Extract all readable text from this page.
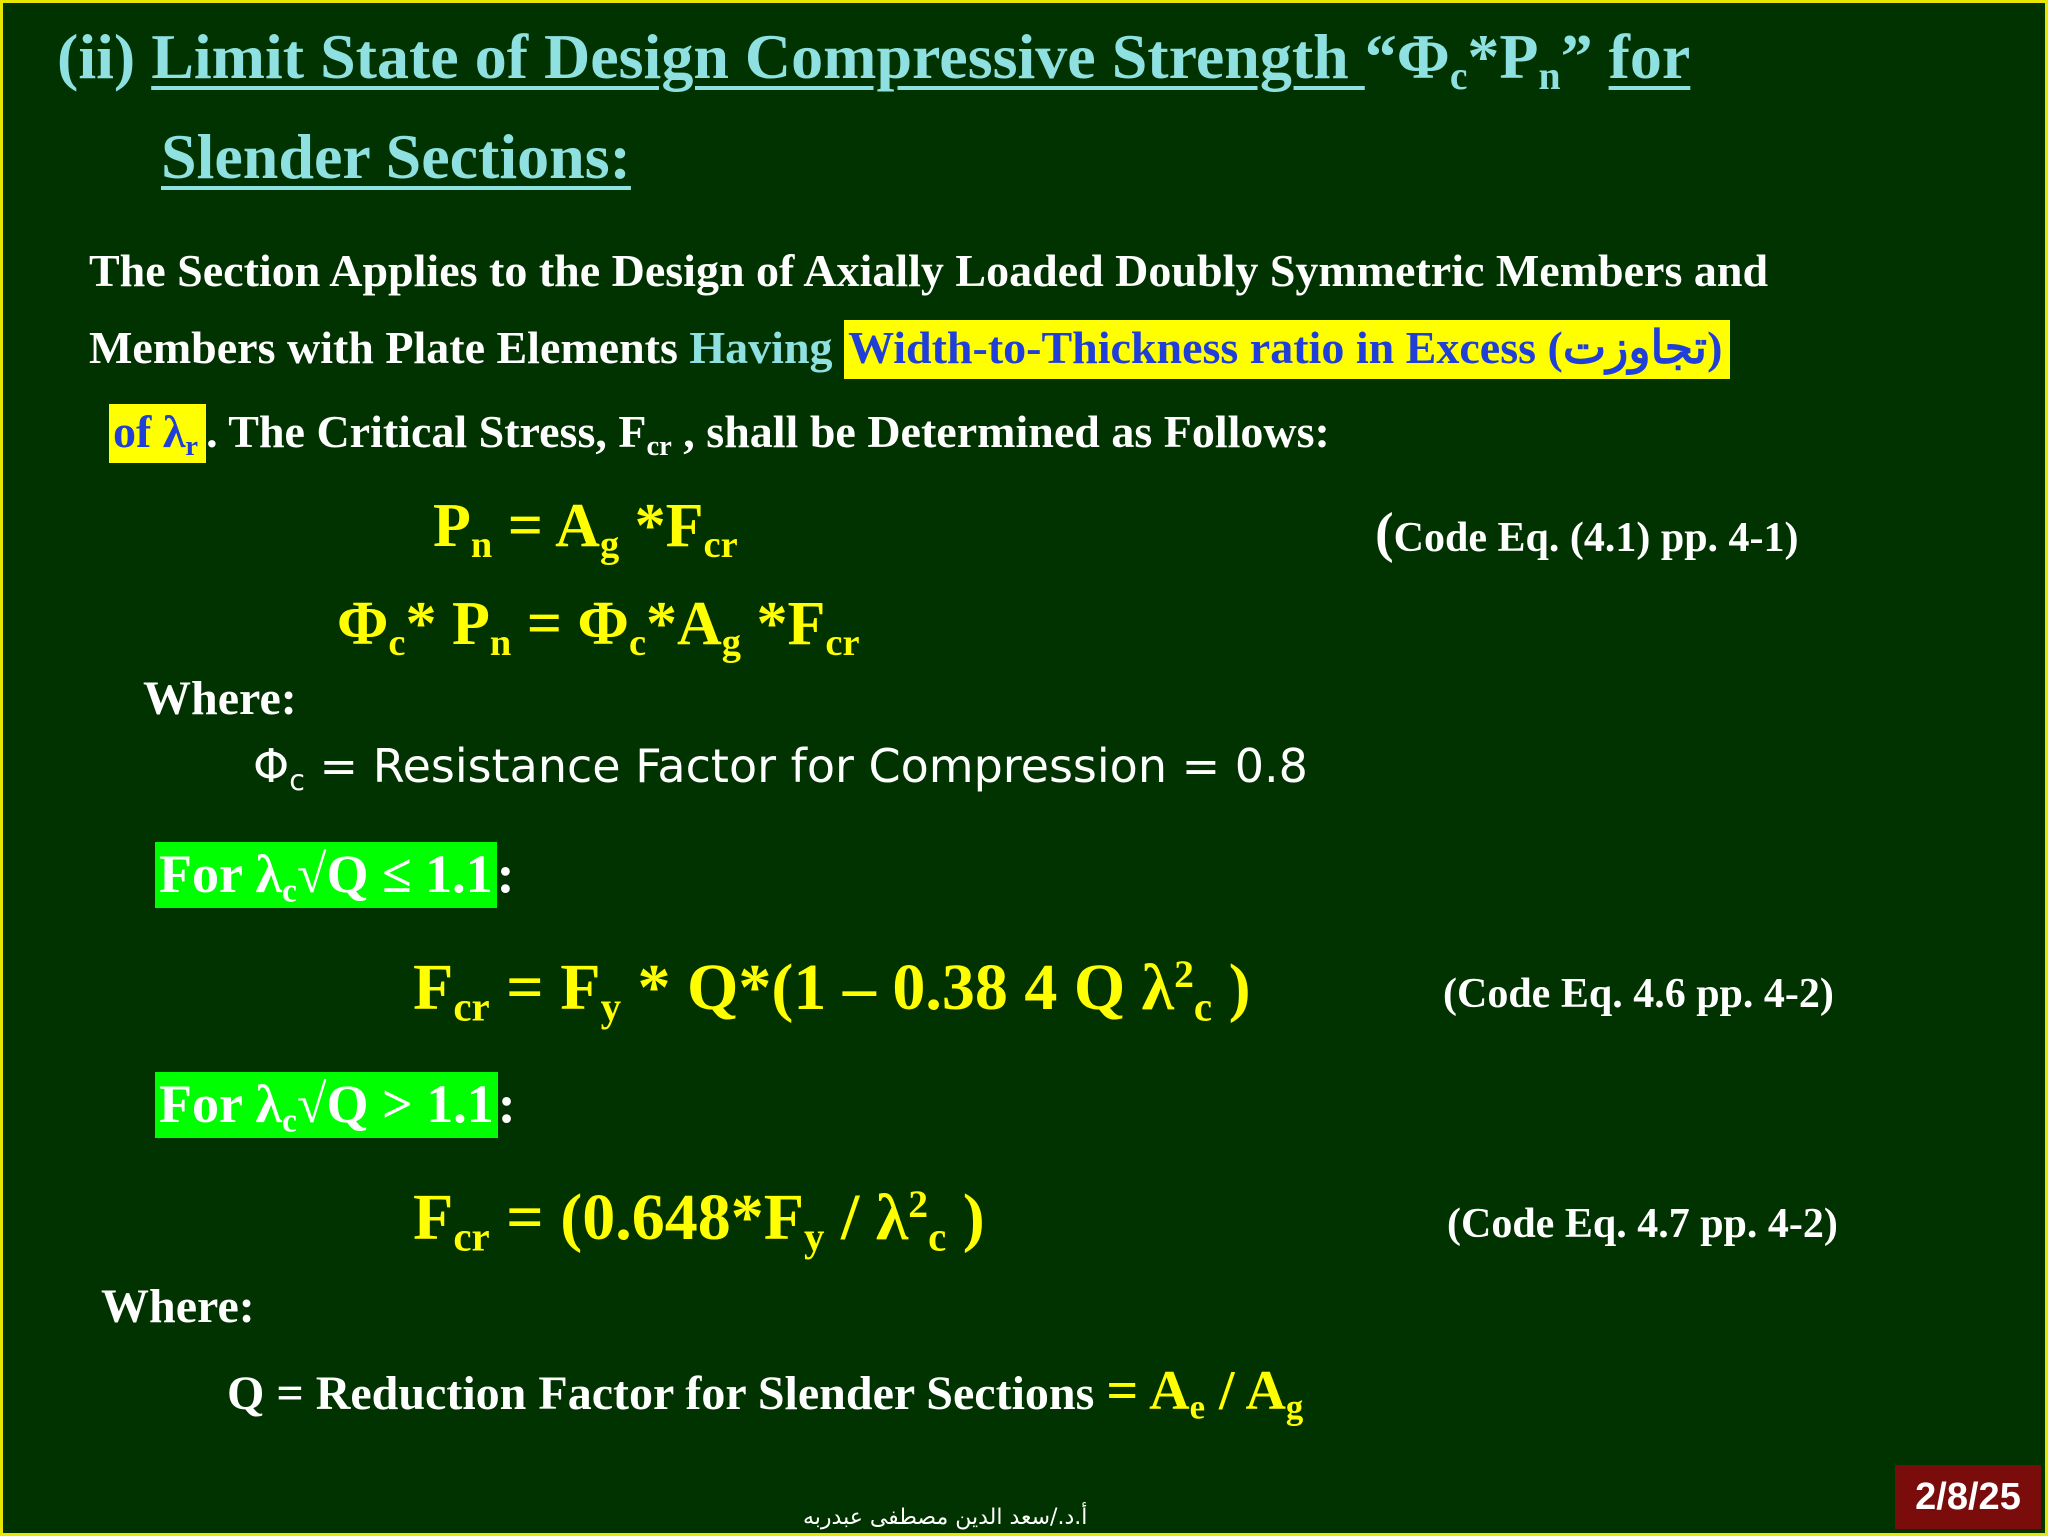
(ii) Limit State of Design Compressive Strength “$\Phi_c*P_n$” for
Slender Sections:
The Section Applies to the Design of Axially Loaded Doubly Symmetric Members and
Members with Plate Elements Having Width-to-Thickness ratio in Excess (تجاوزت)
of $\lambda_r$ . The Critical Stress, $F_{cr}$ , shall be Determined as Follows:
$P_n = A_g$ $*F_{cr}$	(Code Eq. (4.1) pp. 4-1)
$\Phi_c*$ $P_n = \Phi_c*A_g$ $*F_{cr}$
Where:
$\Phi_c$ = Resistance Factor for Compression = 0.8
For $\lambda_c√Q \le 1.1$:
$F_{cr} = F_y * Q*(1 - 0.38$ 4 Q $\lambda^2_c$ )	(Code Eq. 4.6 pp. 4-2)
For $\lambda_c√Q > 1.1$:
$F_{cr} = (0.648*F_y / \lambda^2_c$ )	(Code Eq. 4.7 pp. 4-2)
Where:
Q = Reduction Factor for Slender Sections = $A_e / A_g$
أ.د./سعد الدين مصطفى عبدربه	2/8/25
